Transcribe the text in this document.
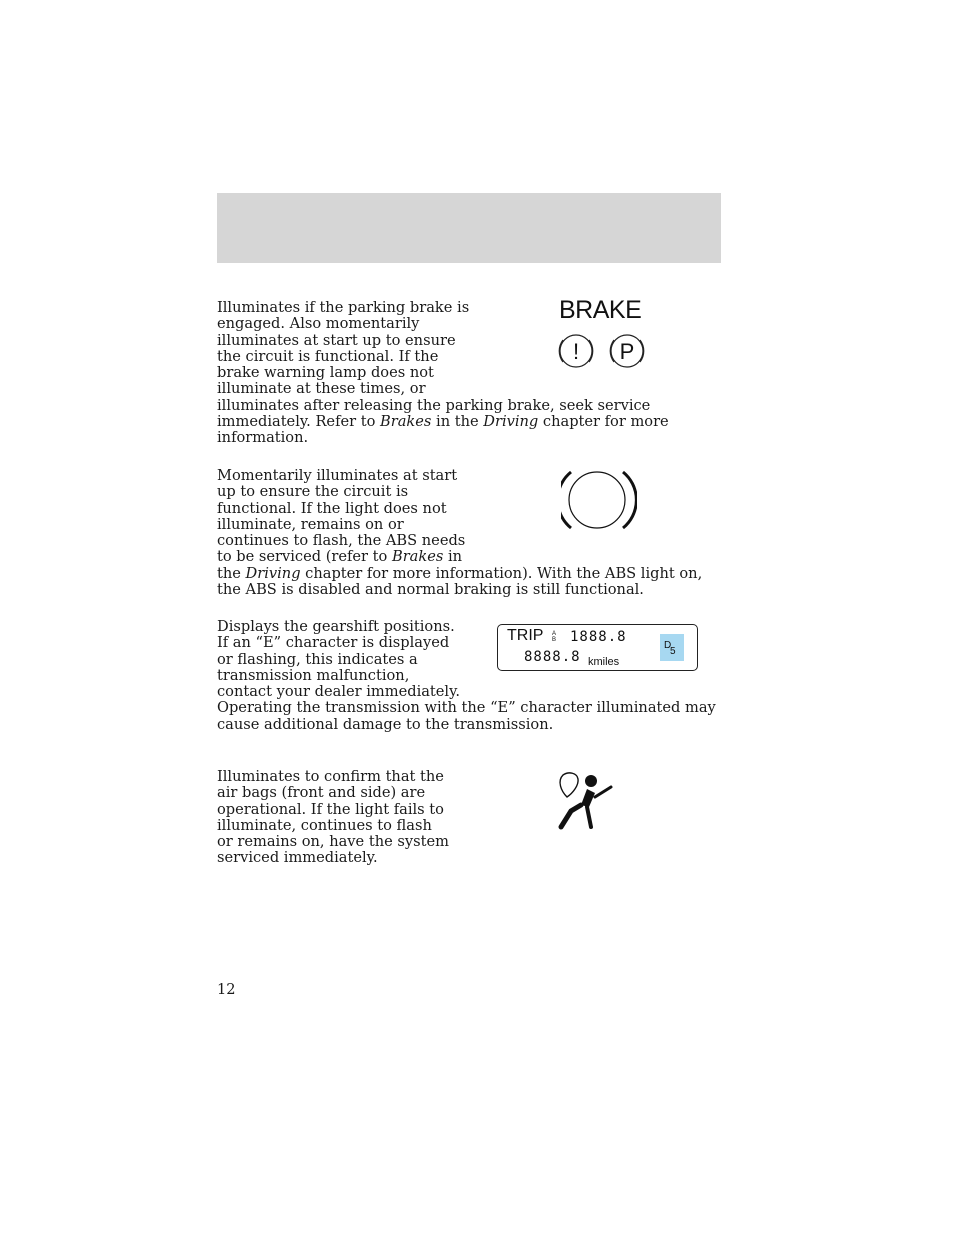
BRAKE
! P

Illuminates if the parking brake is engaged. Also momentarily illuminates at start up to ensure the circuit is functional. If the brake warning lamp does not illuminate at these times, or illuminates after releasing the parking brake, seek service immediately. Refer to Brakes in the Driving chapter for more information.

Momentarily illuminates at start up to ensure the circuit is functional. If the light does not illuminate, remains on or continues to flash, the ABS needs to be serviced (refer to Brakes in the Driving chapter for more information). With the ABS light on, the ABS is disabled and normal braking is still functional.

TRIP A
B 1888.8
8888.8 kmiles
D
5

Displays the gearshift positions. If an “E” character is displayed or flashing, this indicates a transmission malfunction, contact your dealer immediately. Operating the transmission with the “E” character illuminated may cause additional damage to the transmission.

Illuminates to confirm that the air bags (front and side) are operational. If the light fails to illuminate, continues to flash or remains on, have the system serviced immediately.

12
